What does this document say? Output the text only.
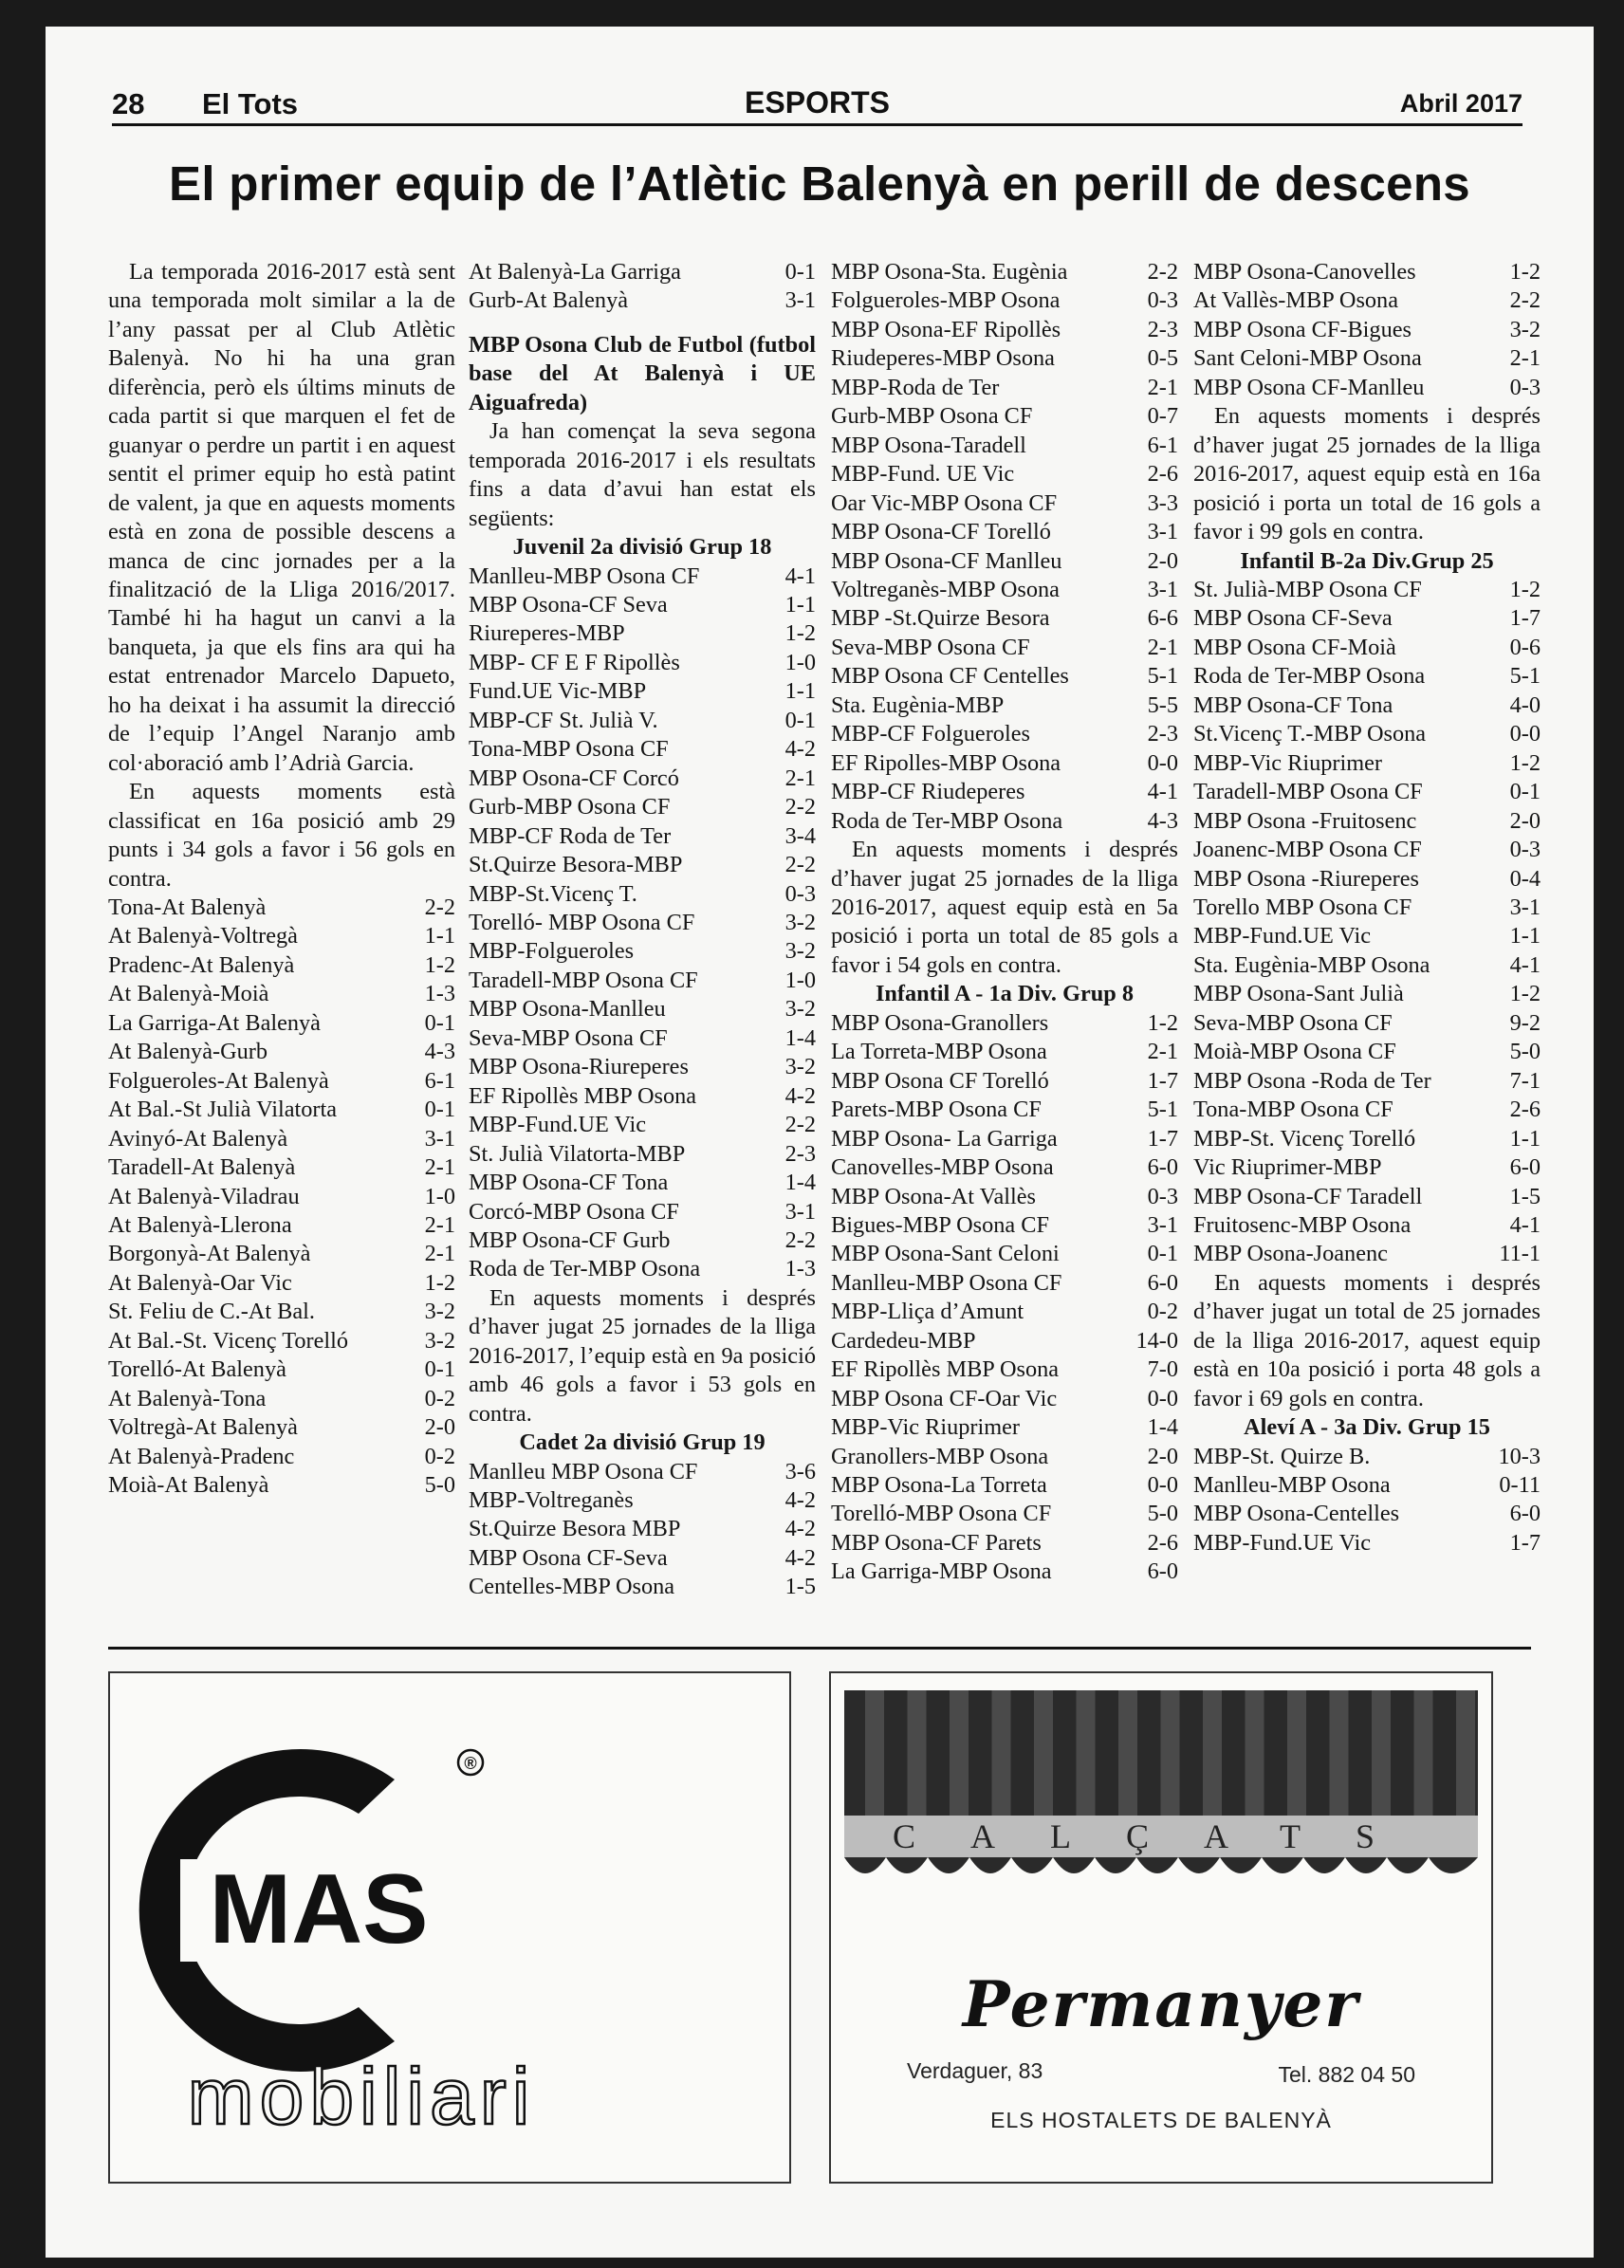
28 El Tots	ESPORTS	Abril 2017
El primer equip de l’Atlètic Balenyà en perill de descens

La temporada 2016-2017 està sent una temporada molt similar a la de l’any passat per al Club Atlètic Balenyà. No hi ha una gran diferència, però els últims minuts de cada partit si que marquen el fet de guanyar o perdre un partit i en aquest sentit el primer equip ho està patint de valent, ja que en aquests moments està en zona de possible descens a manca de cinc jornades per a la finalització de la Lliga 2016/2017. També hi ha hagut un canvi a la banqueta, ja que els fins ara qui ha estat entrenador Marcelo Dapueto, ho ha deixat i ha assumit la direcció de l’equip l’Angel Naranjo amb col·aboració amb l’Adrià Garcia.

En aquests moments està classificat en 16a posició amb 29 punts i 34 gols a favor i 56 gols en contra.

Tona-At Balenyà	2-2
At Balenyà-Voltregà	1-1
Pradenc-At Balenyà	1-2
At Balenyà-Moià	1-3
La Garriga-At Balenyà	0-1
At Balenyà-Gurb	4-3
Folgueroles-At Balenyà	6-1
At Bal.-St Julià Vilatorta	0-1
Avinyó-At Balenyà	3-1
Taradell-At Balenyà	2-1
At Balenyà-Viladrau	1-0
At Balenyà-Llerona	2-1
Borgonyà-At Balenyà	2-1
At Balenyà-Oar Vic	1-2
St. Feliu de C.-At Bal.	3-2
At Bal.-St. Vicenç Torelló	3-2
Torelló-At Balenyà	0-1
At Balenyà-Tona	0-2
Voltregà-At Balenyà	2-0
At Balenyà-Pradenc	0-2
Moià-At Balenyà	5-0
At Balenyà-La Garriga	0-1
Gurb-At Balenyà	3-1

MBP Osona Club de Futbol (futbol base del At Balenyà i UE Aiguafreda)

Ja han començat la seva segona temporada 2016-2017 i els resultats fins a data d’avui han estat els següents:

Juvenil 2a divisió Grup 18

Manlleu-MBP Osona CF	4-1
MBP Osona-CF Seva	1-1
Riureperes-MBP	1-2
MBP- CF E F Ripollès	1-0
Fund.UE Vic-MBP	1-1
MBP-CF St. Julià V.	0-1
Tona-MBP Osona CF	4-2
MBP Osona-CF Corcó	2-1
Gurb-MBP Osona CF	2-2
MBP-CF Roda de Ter	3-4
St.Quirze Besora-MBP	2-2
MBP-St.Vicenç T.	0-3
Torelló- MBP Osona CF	3-2
MBP-Folgueroles	3-2
Taradell-MBP Osona CF	1-0
MBP Osona-Manlleu	3-2
Seva-MBP Osona CF	1-4
MBP Osona-Riureperes	3-2
EF Ripollès MBP Osona	4-2
MBP-Fund.UE Vic	2-2
St. Julià Vilatorta-MBP	2-3
MBP Osona-CF Tona	1-4
Corcó-MBP Osona CF	3-1
MBP Osona-CF Gurb	2-2
Roda de Ter-MBP Osona	1-3

En aquests moments i després d’haver jugat 25 jornades de la lliga 2016-2017, l’equip està en 9a posició amb 46 gols a favor i 53 gols en contra.

Cadet 2a divisió Grup 19

Manlleu MBP Osona CF	3-6
MBP-Voltreganès	4-2
St.Quirze Besora MBP	4-2
MBP Osona CF-Seva	4-2
Centelles-MBP Osona	1-5
MBP Osona-Sta. Eugènia	2-2
Folgueroles-MBP Osona	0-3
MBP Osona-EF Ripollès	2-3
Riudeperes-MBP Osona	0-5
MBP-Roda de Ter	2-1
Gurb-MBP Osona CF	0-7
MBP Osona-Taradell	6-1
MBP-Fund. UE Vic	2-6
Oar Vic-MBP Osona CF	3-3
MBP Osona-CF Torelló	3-1
MBP Osona-CF Manlleu	2-0
Voltreganès-MBP Osona	3-1
MBP -St.Quirze Besora	6-6
Seva-MBP Osona CF	2-1
MBP Osona CF Centelles	5-1
Sta. Eugènia-MBP	5-5
MBP-CF Folgueroles	2-3
EF Ripolles-MBP Osona	0-0
MBP-CF Riudeperes	4-1
Roda de Ter-MBP Osona	4-3

En aquests moments i després d’haver jugat 25 jornades de la lliga 2016-2017, aquest equip està en 5a posició i porta un total de 85 gols a favor i 54 gols en contra.

Infantil A - 1a Div. Grup 8

MBP Osona-Granollers	1-2
La Torreta-MBP Osona	2-1
MBP Osona CF Torelló	1-7
Parets-MBP Osona CF	5-1
MBP Osona- La Garriga	1-7
Canovelles-MBP Osona	6-0
MBP Osona-At Vallès	0-3
Bigues-MBP Osona CF	3-1
MBP Osona-Sant Celoni	0-1
Manlleu-MBP Osona CF	6-0
MBP-Lliça d’Amunt	0-2
Cardedeu-MBP	14-0
EF Ripollès MBP Osona	7-0
MBP Osona CF-Oar Vic	0-0
MBP-Vic Riuprimer	1-4
Granollers-MBP Osona	2-0
MBP Osona-La Torreta	0-0
Torelló-MBP Osona CF	5-0
MBP Osona-CF Parets	2-6
La Garriga-MBP Osona	6-0
MBP Osona-Canovelles	1-2
At Vallès-MBP Osona	2-2
MBP Osona CF-Bigues	3-2
Sant Celoni-MBP Osona	2-1
MBP Osona CF-Manlleu	0-3

En aquests moments i després d’haver jugat 25 jornades de la lliga 2016-2017, aquest equip està en 16a posició i porta un total de 16 gols a favor i 99 gols en contra.

Infantil B-2a Div.Grup 25

St. Julià-MBP Osona CF	1-2
MBP Osona CF-Seva	1-7
MBP Osona CF-Moià	0-6
Roda de Ter-MBP Osona	5-1
MBP Osona-CF Tona	4-0
St.Vicenç T.-MBP Osona	0-0
MBP-Vic Riuprimer	1-2
Taradell-MBP Osona CF	0-1
MBP Osona -Fruitosenc	2-0
Joanenc-MBP Osona CF	0-3
MBP Osona -Riureperes	0-4
Torello MBP Osona CF	3-1
MBP-Fund.UE Vic	1-1
Sta. Eugènia-MBP Osona	4-1
MBP Osona-Sant Julià	1-2
Seva-MBP Osona CF	9-2
Moià-MBP Osona CF	5-0
MBP Osona -Roda de Ter	7-1
Tona-MBP Osona CF	2-6
MBP-St. Vicenç Torelló	1-1
Vic Riuprimer-MBP	6-0
MBP Osona-CF Taradell	1-5
Fruitosenc-MBP Osona	4-1
MBP Osona-Joanenc	11-1

En aquests moments i després d’haver jugat un total de 25 jornades de la lliga 2016-2017, aquest equip està en 10a posició i porta 48 gols a favor i 69 gols en contra.

Aleví A - 3a Div. Grup 15

MBP-St. Quirze B.	10-3
Manlleu-MBP Osona	0-11
MBP Osona-Centelles	6-0
MBP-Fund.UE Vic	1-7
MAS
®
mobiliari
CALÇATS
Permanyer
Verdaguer, 83	Tel. 882 04 50
ELS HOSTALETS DE BALENYÀ
